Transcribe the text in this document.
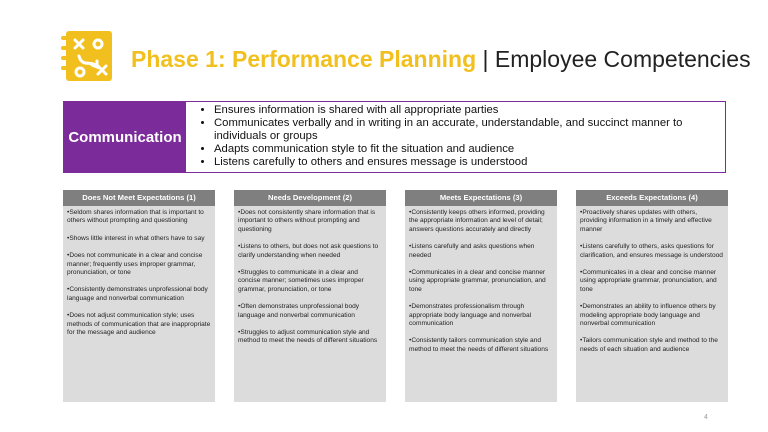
Phase 1: Performance Planning | Employee Competencies
Communication
• Ensures information is shared with all appropriate parties
• Communicates verbally and in writing in an accurate, understandable, and succinct manner to individuals or groups
• Adapts communication style to fit the situation and audience
• Listens carefully to others and ensures message is understood
Does Not Meet Expectations (1)
• Seldom shares information that is important to others without prompting and questioning
• Shows little interest in what others have to say
• Does not communicate in a clear and concise manner; frequently uses improper grammar, pronunciation, or tone
• Consistently demonstrates unprofessional body language and nonverbal communication
• Does not adjust communication style; uses methods of communication that are inappropriate for the message and audience
Needs Development (2)
• Does not consistently share information that is important to others without prompting and questioning
• Listens to others, but does not ask questions to clarify understanding when needed
• Struggles to communicate in a clear and concise manner; sometimes uses improper grammar, pronunciation, or tone
• Often demonstrates unprofessional body language and nonverbal communication
• Struggles to adjust communication style and method to meet the needs of different situations
Meets Expectations (3)
• Consistently keeps others informed, providing the appropriate information and level of detail; answers questions accurately and directly
• Listens carefully and asks questions when needed
• Communicates in a clear and concise manner using appropriate grammar, pronunciation, and tone
• Demonstrates professionalism through appropriate body language and nonverbal communication
• Consistently tailors communication style and method to meet the needs of different situations
Exceeds Expectations (4)
• Proactively shares updates with others, providing information in a timely and effective manner
• Listens carefully to others, asks questions for clarification, and ensures message is understood
• Communicates in a clear and concise manner using appropriate grammar, pronunciation, and tone
• Demonstrates an ability to influence others by modeling appropriate body language and nonverbal communication
• Tailors communication style and method to the needs of each situation and audience
4
